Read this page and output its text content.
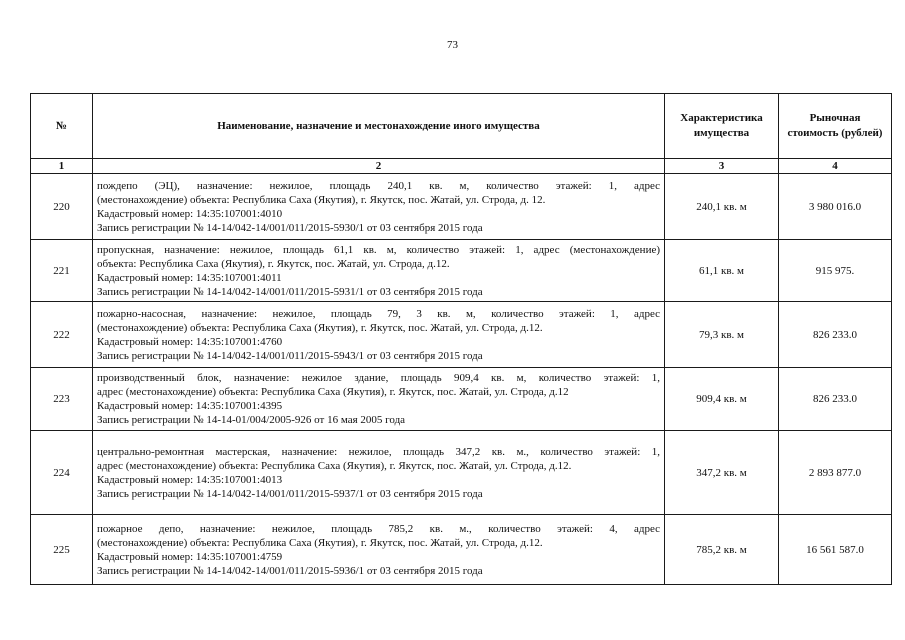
73
№	Наименование, назначение и местонахождение иного имущества	Характеристика имущества	Рыночная стоимость (рублей)
1	2	3	4
220	пождепо (ЭЦ), назначение: нежилое, площадь 240,1 кв. м, количество этажей: 1, адрес
(местонахождение) объекта: Республика Саха (Якутия), г. Якутск, пос. Жатай, ул. Строда, д. 12.
Кадастровый номер: 14:35:107001:4010
Запись регистрации № 14-14/042-14/001/011/2015-5930/1 от 03 сентября 2015 года	240,1 кв. м	3 980 016.0
221	пропускная, назначение: нежилое, площадь 61,1 кв. м, количество этажей: 1, адрес (местонахождение)
объекта: Республика Саха (Якутия), г. Якутск, пос. Жатай, ул. Строда, д.12.
Кадастровый номер: 14:35:107001:4011
Запись регистрации № 14-14/042-14/001/011/2015-5931/1 от 03 сентября 2015 года	61,1 кв. м	915 975.
222	пожарно-насосная, назначение: нежилое, площадь 79, 3 кв. м, количество этажей: 1, адрес
(местонахождение) объекта: Республика Саха (Якутия), г. Якутск, пос. Жатай, ул. Строда, д.12.
Кадастровый номер: 14:35:107001:4760
Запись регистрации № 14-14/042-14/001/011/2015-5943/1 от 03 сентября 2015 года	79,3 кв. м	826 233.0
223	производственный блок, назначение: нежилое здание, площадь 909,4 кв. м, количество этажей: 1,
адрес (местонахождение) объекта: Республика Саха (Якутия), г. Якутск, пос. Жатай, ул. Строда, д.12
Кадастровый номер: 14:35:107001:4395
Запись регистрации № 14-14-01/004/2005-926 от 16 мая 2005 года	909,4 кв. м	826 233.0
224	центрально-ремонтная мастерская, назначение: нежилое, площадь 347,2 кв. м., количество этажей: 1,
адрес (местонахождение) объекта: Республика Саха (Якутия), г. Якутск, пос. Жатай, ул. Строда, д.12.
Кадастровый номер: 14:35:107001:4013
Запись регистрации № 14-14/042-14/001/011/2015-5937/1 от 03 сентября 2015 года	347,2 кв. м	2 893 877.0
225	пожарное депо, назначение: нежилое, площадь 785,2 кв. м., количество этажей: 4, адрес
(местонахождение) объекта: Республика Саха (Якутия), г. Якутск, пос. Жатай, ул. Строда, д.12.
Кадастровый номер: 14:35:107001:4759
Запись регистрации № 14-14/042-14/001/011/2015-5936/1 от 03 сентября 2015 года	785,2 кв. м	16 561 587.0
